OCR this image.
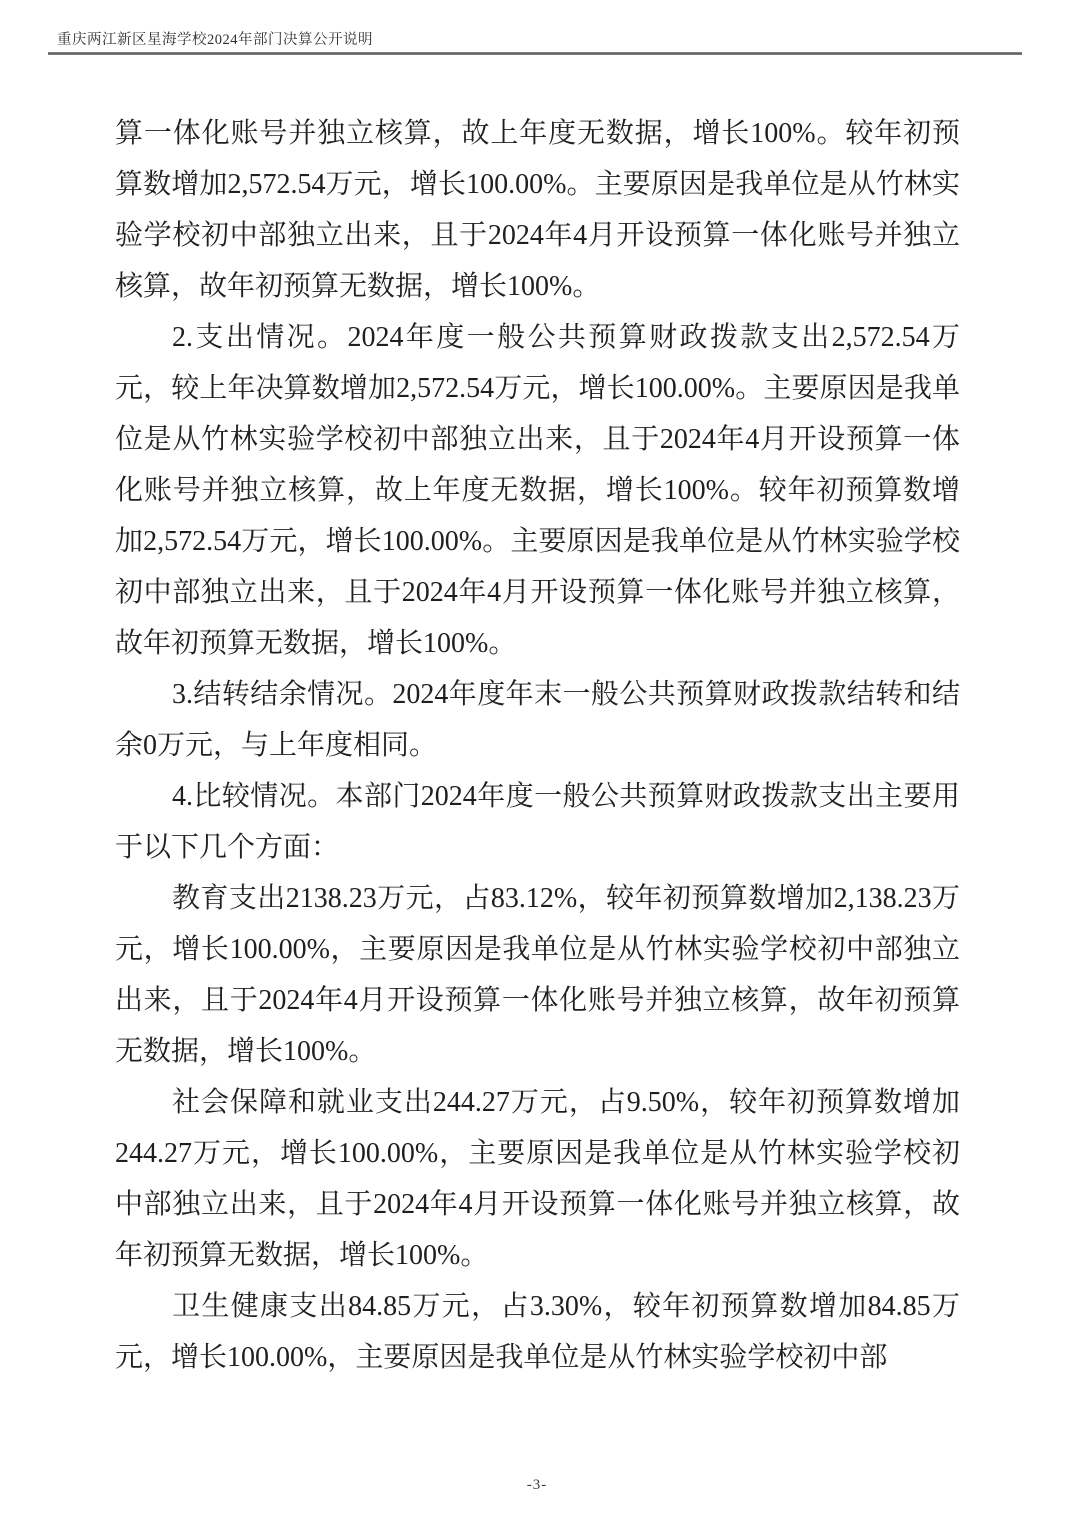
重庆两江新区星海学校2024年部门决算公开说明

算一体化账号并独立核算，故上年度无数据，增长100%。较年初预算数增加2,572.54万元，增长100.00%。主要原因是我单位是从竹林实验学校初中部独立出来，且于2024年4月开设预算一体化账号并独立核算，故年初预算无数据，增长100%。

2.支出情况。2024年度一般公共预算财政拨款支出2,572.54万元，较上年决算数增加2,572.54万元，增长100.00%。主要原因是我单位是从竹林实验学校初中部独立出来，且于2024年4月开设预算一体化账号并独立核算，故上年度无数据，增长100%。较年初预算数增加2,572.54万元，增长100.00%。主要原因是我单位是从竹林实验学校初中部独立出来，且于2024年4月开设预算一体化账号并独立核算，故年初预算无数据，增长100%。

3.结转结余情况。2024年度年末一般公共预算财政拨款结转和结余0万元，与上年度相同。

4.比较情况。本部门2024年度一般公共预算财政拨款支出主要用于以下几个方面：

教育支出2138.23万元，占83.12%，较年初预算数增加2,138.23万元，增长100.00%，主要原因是我单位是从竹林实验学校初中部独立出来，且于2024年4月开设预算一体化账号并独立核算，故年初预算无数据，增长100%。

社会保障和就业支出244.27万元，占9.50%，较年初预算数增加244.27万元，增长100.00%，主要原因是我单位是从竹林实验学校初中部独立出来，且于2024年4月开设预算一体化账号并独立核算，故年初预算无数据，增长100%。

卫生健康支出84.85万元，占3.30%，较年初预算数增加84.85万元，增长100.00%，主要原因是我单位是从竹林实验学校初中部

-3-
